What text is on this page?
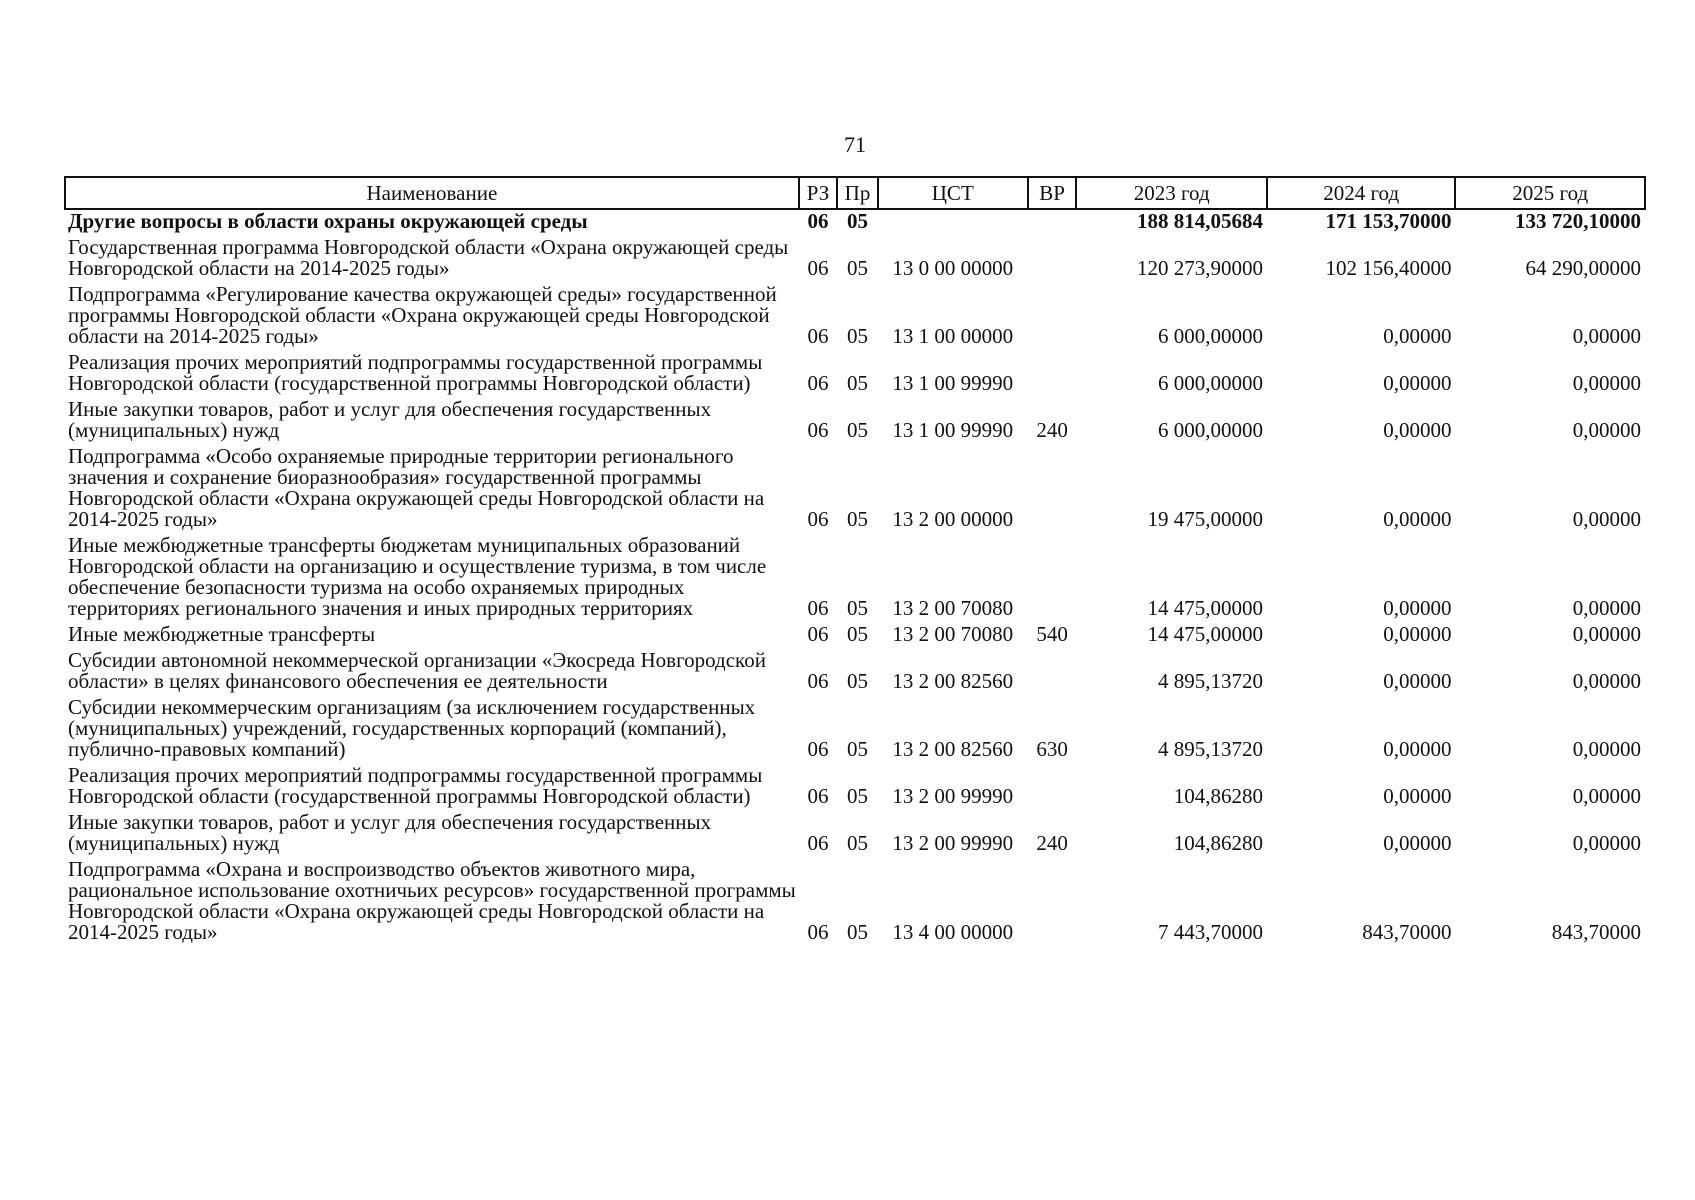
71
Наименование	РЗ	Пр	ЦСТ	ВР	2023 год	2024 год	2025 год
Другие вопросы в области охраны окружающей среды	06	05			188 814,05684	171 153,70000	133 720,10000
Государственная программа Новгородской области «Охрана окружающей среды Новгородской области на 2014-2025 годы»	06	05	13 0 00 00000		120 273,90000	102 156,40000	64 290,00000
Подпрограмма «Регулирование качества окружающей среды» государственной программы Новгородской области «Охрана окружающей среды Новгородской области на 2014-2025 годы»	06	05	13 1 00 00000		6 000,00000	0,00000	0,00000
Реализация прочих мероприятий подпрограммы государственной программы Новгородской области (государственной программы Новгородской области)	06	05	13 1 00 99990		6 000,00000	0,00000	0,00000
Иные закупки товаров, работ и услуг для обеспечения государственных (муниципальных) нужд	06	05	13 1 00 99990	240	6 000,00000	0,00000	0,00000
Подпрограмма «Особо охраняемые природные территории регионального значения и сохранение биоразнообразия» государственной программы Новгородской области «Охрана окружающей среды Новгородской области на 2014-2025 годы»	06	05	13 2 00 00000		19 475,00000	0,00000	0,00000
Иные межбюджетные трансферты бюджетам муниципальных образований Новгородской области на организацию и осуществление туризма, в том числе обеспечение безопасности туризма на особо охраняемых природных территориях регионального значения и иных природных территориях	06	05	13 2 00 70080		14 475,00000	0,00000	0,00000
Иные межбюджетные трансферты	06	05	13 2 00 70080	540	14 475,00000	0,00000	0,00000
Субсидии автономной некоммерческой организации «Экосреда Новгородской области» в целях финансового обеспечения ее деятельности	06	05	13 2 00 82560		4 895,13720	0,00000	0,00000
Субсидии некоммерческим организациям (за исключением государственных (муниципальных) учреждений, государственных корпораций (компаний), публично-правовых компаний)	06	05	13 2 00 82560	630	4 895,13720	0,00000	0,00000
Реализация прочих мероприятий подпрограммы государственной программы Новгородской области (государственной программы Новгородской области)	06	05	13 2 00 99990		104,86280	0,00000	0,00000
Иные закупки товаров, работ и услуг для обеспечения государственных (муниципальных) нужд	06	05	13 2 00 99990	240	104,86280	0,00000	0,00000
Подпрограмма «Охрана и воспроизводство объектов животного мира, рациональное использование охотничьих ресурсов» государственной программы Новгородской области «Охрана окружающей среды Новгородской области на 2014-2025 годы»	06	05	13 4 00 00000		7 443,70000	843,70000	843,70000
